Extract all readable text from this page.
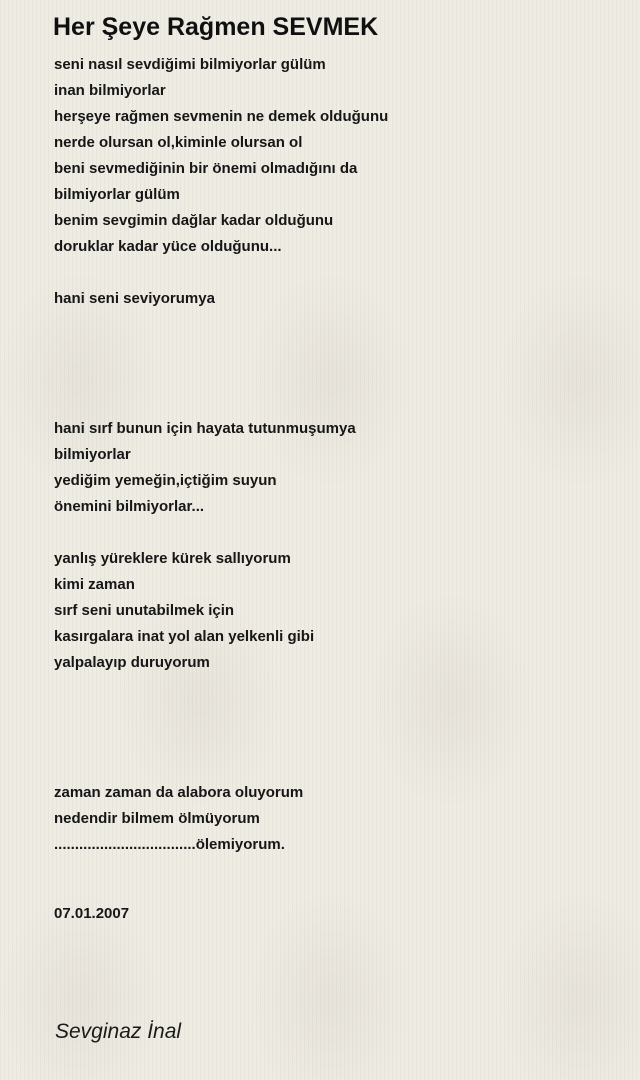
Her Şeye Rağmen SEVMEK
seni nasıl sevdiğimi bilmiyorlar gülüm
inan bilmiyorlar
herşeye rağmen sevmenin ne demek olduğunu
nerde olursan ol,kiminle olursan ol
beni sevmediğinin bir önemi olmadığını da
bilmiyorlar gülüm
benim sevgimin dağlar kadar olduğunu
doruklar kadar yüce olduğunu...
hani seni seviyorumya
hani sırf bunun için hayata tutunmuşumya
bilmiyorlar
yediğim yemeğin,içtiğim suyun
önemini bilmiyorlar...
yanlış yüreklere kürek sallıyorum
kimi zaman
sırf seni unutabilmek için
kasırgalara inat yol alan yelkenli gibi
yalpalayıp duruyorum
zaman zaman da alabora oluyorum
nedendir bilmem ölmüyorum
..................................ölemiyorum.
07.01.2007
Sevginaz İnal
